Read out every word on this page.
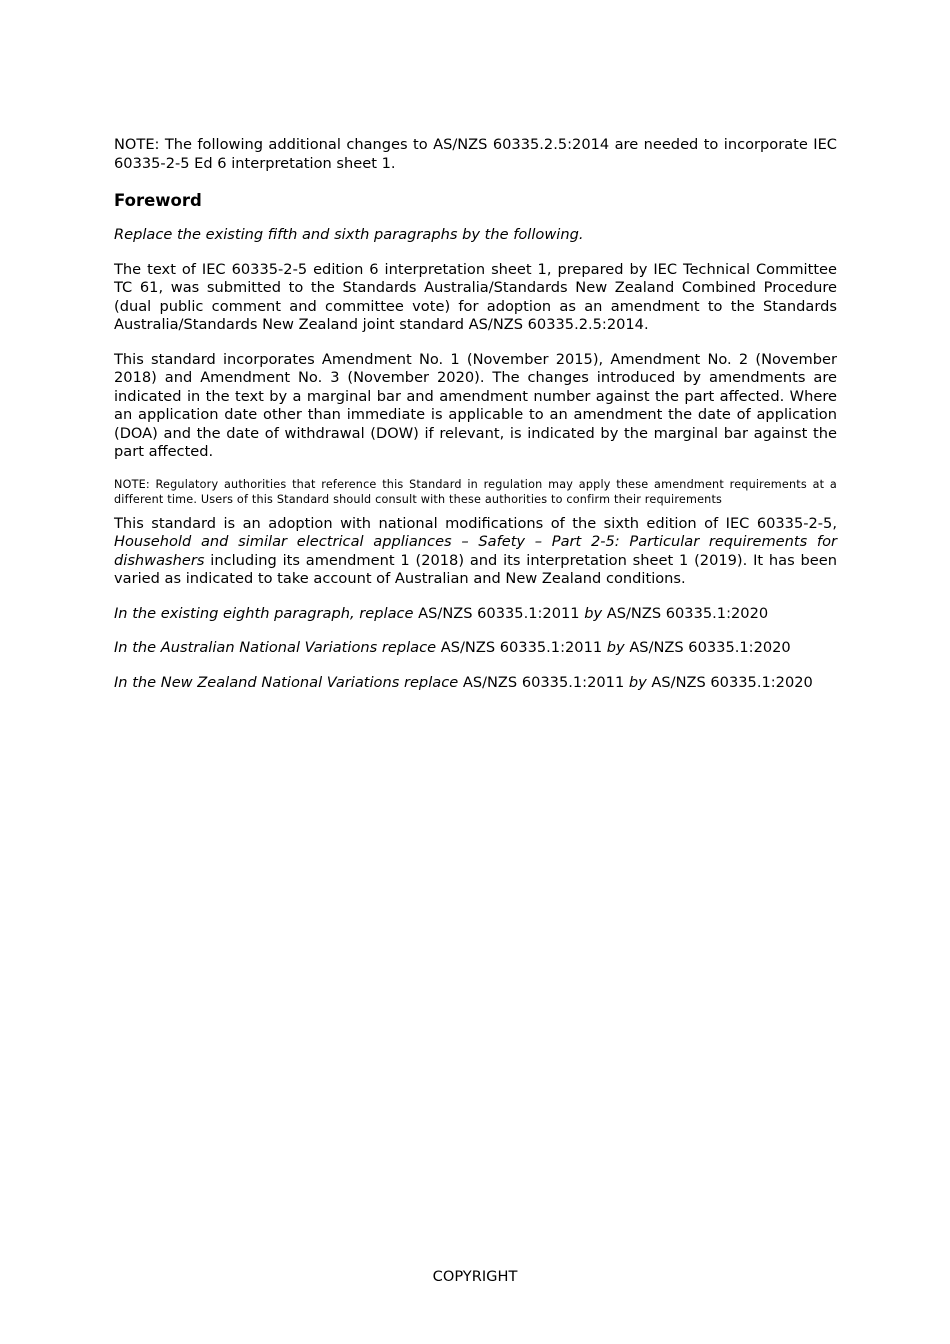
NOTE: The following additional changes to AS/NZS 60335.2.5:2014 are needed to incorporate IEC 60335-2-5 Ed 6 interpretation sheet 1.

Foreword

Replace the existing fifth and sixth paragraphs by the following.

The text of IEC 60335-2-5 edition 6 interpretation sheet 1, prepared by IEC Technical Committee TC 61, was submitted to the Standards Australia/Standards New Zealand Combined Procedure (dual public comment and committee vote) for adoption as an amendment to the Standards Australia/Standards New Zealand joint standard AS/NZS 60335.2.5:2014.

This standard incorporates Amendment No. 1 (November 2015), Amendment No. 2 (November 2018) and Amendment No. 3 (November 2020). The changes introduced by amendments are indicated in the text by a marginal bar and amendment number against the part affected. Where an application date other than immediate is applicable to an amendment the date of application (DOA) and the date of withdrawal (DOW) if relevant, is indicated by the marginal bar against the part affected.

NOTE: Regulatory authorities that reference this Standard in regulation may apply these amendment requirements at a different time. Users of this Standard should consult with these authorities to confirm their requirements

This standard is an adoption with national modifications of the sixth edition of IEC 60335-2-5, Household and similar electrical appliances – Safety – Part 2-5: Particular requirements for dishwashers including its amendment 1 (2018) and its interpretation sheet 1 (2019). It has been varied as indicated to take account of Australian and New Zealand conditions.

In the existing eighth paragraph, replace AS/NZS 60335.1:2011 by AS/NZS 60335.1:2020

In the Australian National Variations replace AS/NZS 60335.1:2011 by AS/NZS 60335.1:2020

In the New Zealand National Variations replace AS/NZS 60335.1:2011 by AS/NZS 60335.1:2020

COPYRIGHT
